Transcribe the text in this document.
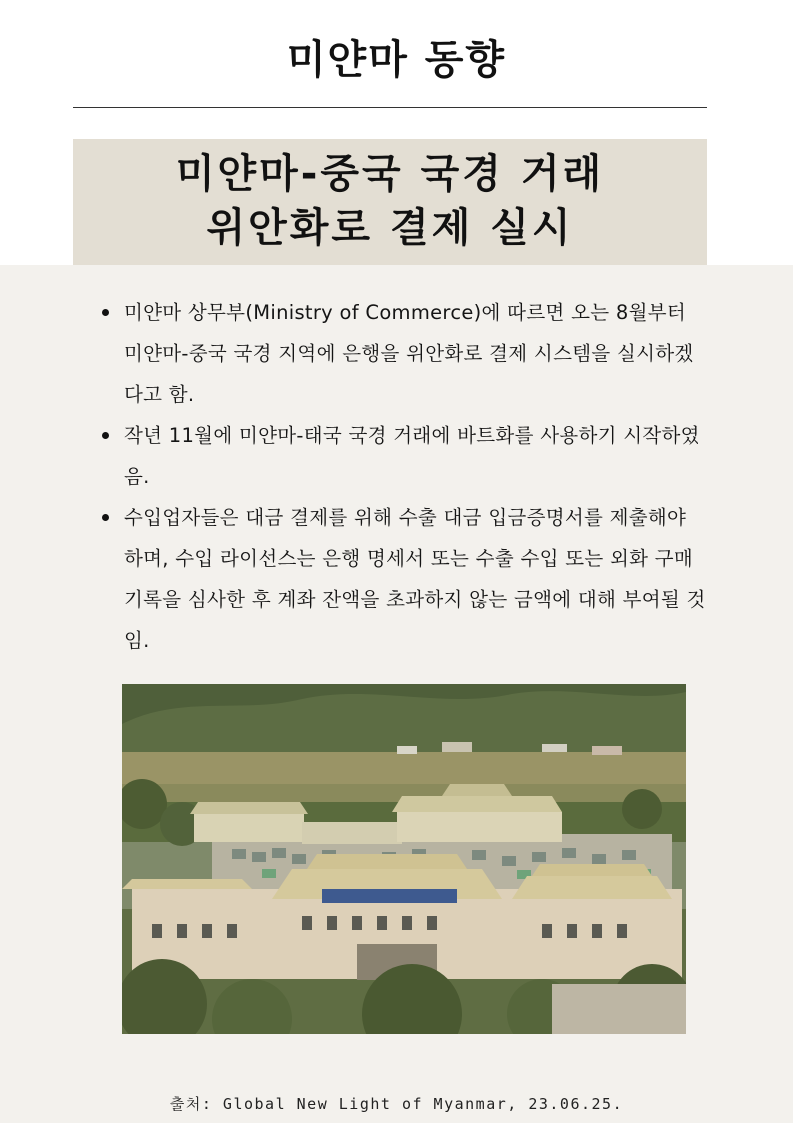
미얀마 동향
미얀마-중국 국경 거래
위안화로 결제 실시
미얀마 상무부(Ministry of Commerce)에 따르면 오는 8월부터 미얀마-중국 국경 지역에 은행을 위안화로 결제 시스템을 실시하겠다고 함.
작년 11월에 미얀마-태국 국경 거래에 바트화를 사용하기 시작하였음.
수입업자들은 대금 결제를 위해 수출 대금 입금증명서를 제출해야 하며, 수입 라이선스는 은행 명세서 또는 수출 수입 또는 외화 구매 기록을 심사한 후 계좌 잔액을 초과하지 않는 금액에 대해 부여될 것임.
출처: Global New Light of Myanmar, 23.06.25.
